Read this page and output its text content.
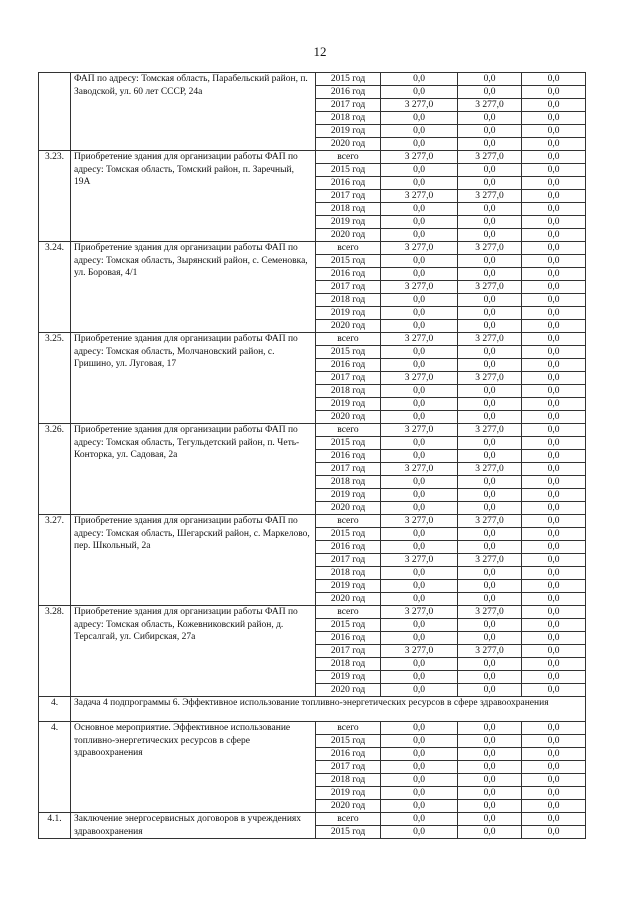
12
	ФАП по адресу: Томская область, Парабельский район, п. Заводской, ул. 60 лет СССР, 24а	2015 год	0,0	0,0	0,0
		2016 год	0,0	0,0	0,0
		2017 год	3 277,0	3 277,0	0,0
		2018 год	0,0	0,0	0,0
		2019 год	0,0	0,0	0,0
		2020 год	0,0	0,0	0,0
3.23.	Приобретение здания для организации работы ФАП по адресу: Томская область, Томский район, п. Заречный, 19А	всего	3 277,0	3 277,0	0,0
		2015 год	0,0	0,0	0,0
		2016 год	0,0	0,0	0,0
		2017 год	3 277,0	3 277,0	0,0
		2018 год	0,0	0,0	0,0
		2019 год	0,0	0,0	0,0
		2020 год	0,0	0,0	0,0
3.24.	Приобретение здания для организации работы ФАП по адресу: Томская область, Зырянский район, с. Семеновка, ул. Боровая, 4/1	всего	3 277,0	3 277,0	0,0
		2015 год	0,0	0,0	0,0
		2016 год	0,0	0,0	0,0
		2017 год	3 277,0	3 277,0	0,0
		2018 год	0,0	0,0	0,0
		2019 год	0,0	0,0	0,0
		2020 год	0,0	0,0	0,0
3.25.	Приобретение здания для организации работы ФАП по адресу: Томская область, Молчановский район, с. Гришино, ул. Луговая, 17	всего	3 277,0	3 277,0	0,0
		2015 год	0,0	0,0	0,0
		2016 год	0,0	0,0	0,0
		2017 год	3 277,0	3 277,0	0,0
		2018 год	0,0	0,0	0,0
		2019 год	0,0	0,0	0,0
		2020 год	0,0	0,0	0,0
3.26.	Приобретение здания для организации работы ФАП по адресу: Томская область, Тегульдетский район, п. Четь-Конторка, ул. Садовая, 2а	всего	3 277,0	3 277,0	0,0
		2015 год	0,0	0,0	0,0
		2016 год	0,0	0,0	0,0
		2017 год	3 277,0	3 277,0	0,0
		2018 год	0,0	0,0	0,0
		2019 год	0,0	0,0	0,0
		2020 год	0,0	0,0	0,0
3.27.	Приобретение здания для организации работы ФАП по адресу: Томская область, Шегарский район, с. Маркелово, пер. Школьный, 2а	всего	3 277,0	3 277,0	0,0
		2015 год	0,0	0,0	0,0
		2016 год	0,0	0,0	0,0
		2017 год	3 277,0	3 277,0	0,0
		2018 год	0,0	0,0	0,0
		2019 год	0,0	0,0	0,0
		2020 год	0,0	0,0	0,0
3.28.	Приобретение здания для организации работы ФАП по адресу: Томская область, Кожевниковский район, д. Терсалгай, ул. Сибирская, 27а	всего	3 277,0	3 277,0	0,0
		2015 год	0,0	0,0	0,0
		2016 год	0,0	0,0	0,0
		2017 год	3 277,0	3 277,0	0,0
		2018 год	0,0	0,0	0,0
		2019 год	0,0	0,0	0,0
		2020 год	0,0	0,0	0,0
4.	Задача 4 подпрограммы 6. Эффективное использование топливно-энергетических ресурсов в сфере здравоохранения				
4.	Основное мероприятие. Эффективное использование топливно-энергетических ресурсов в сфере здравоохранения	всего	0,0	0,0	0,0
		2015 год	0,0	0,0	0,0
		2016 год	0,0	0,0	0,0
		2017 год	0,0	0,0	0,0
		2018 год	0,0	0,0	0,0
		2019 год	0,0	0,0	0,0
		2020 год	0,0	0,0	0,0
4.1.	Заключение энергосервисных договоров в учреждениях здравоохранения	всего	0,0	0,0	0,0
		2015 год	0,0	0,0	0,0
